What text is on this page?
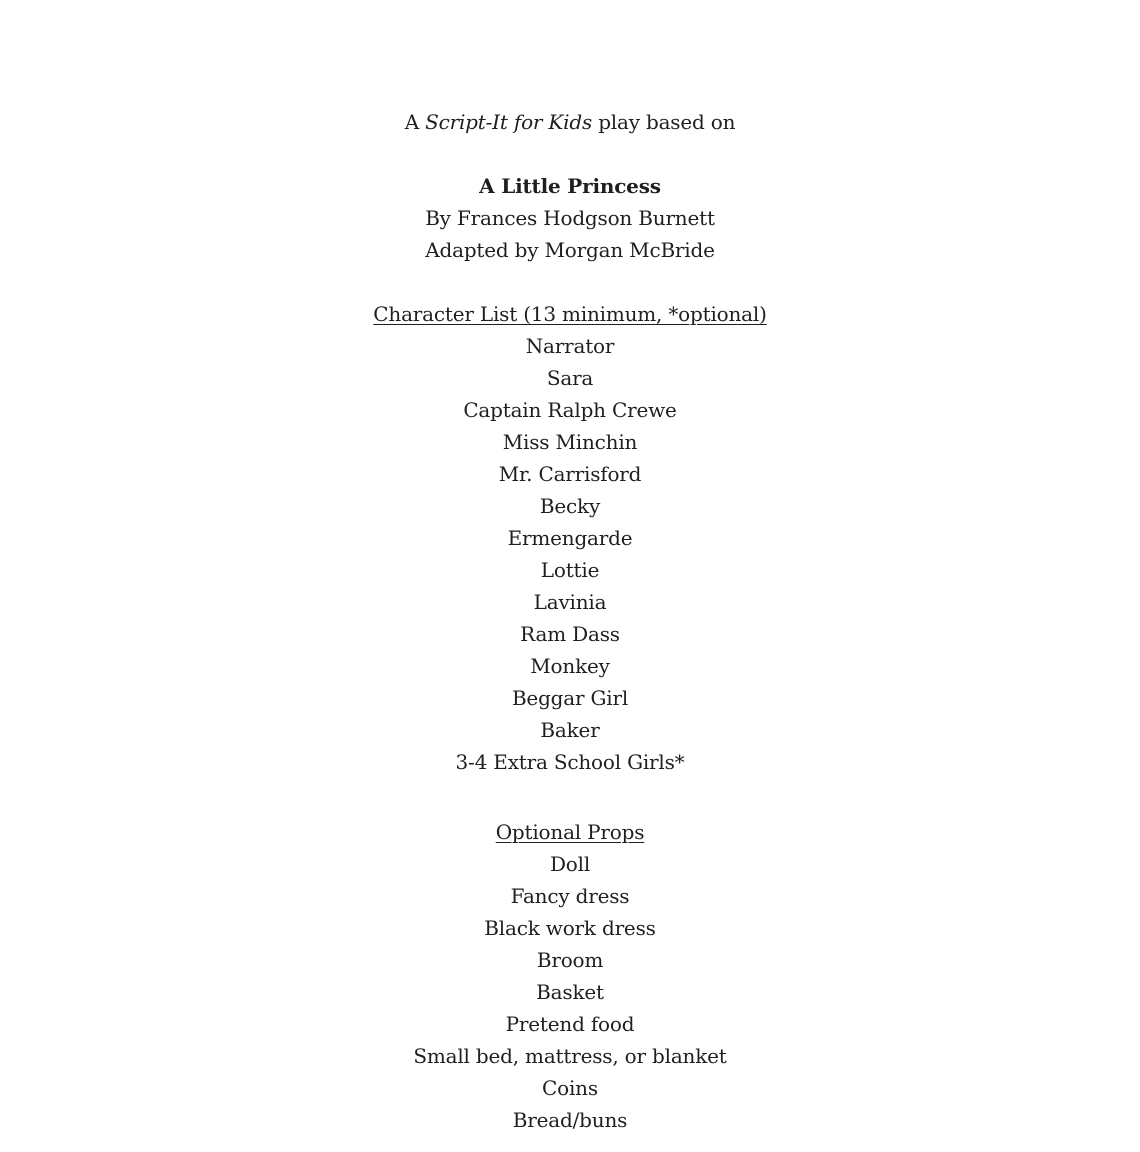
A Script-It for Kids play based on
A Little Princess
By Frances Hodgson Burnett
Adapted by Morgan McBride
Character List (13 minimum, *optional)
Narrator
Sara
Captain Ralph Crewe
Miss Minchin
Mr. Carrisford
Becky
Ermengarde
Lottie
Lavinia
Ram Dass
Monkey
Beggar Girl
Baker
3-4 Extra School Girls*
Optional Props
Doll
Fancy dress
Black work dress
Broom
Basket
Pretend food
Small bed, mattress, or blanket
Coins
Bread/buns
